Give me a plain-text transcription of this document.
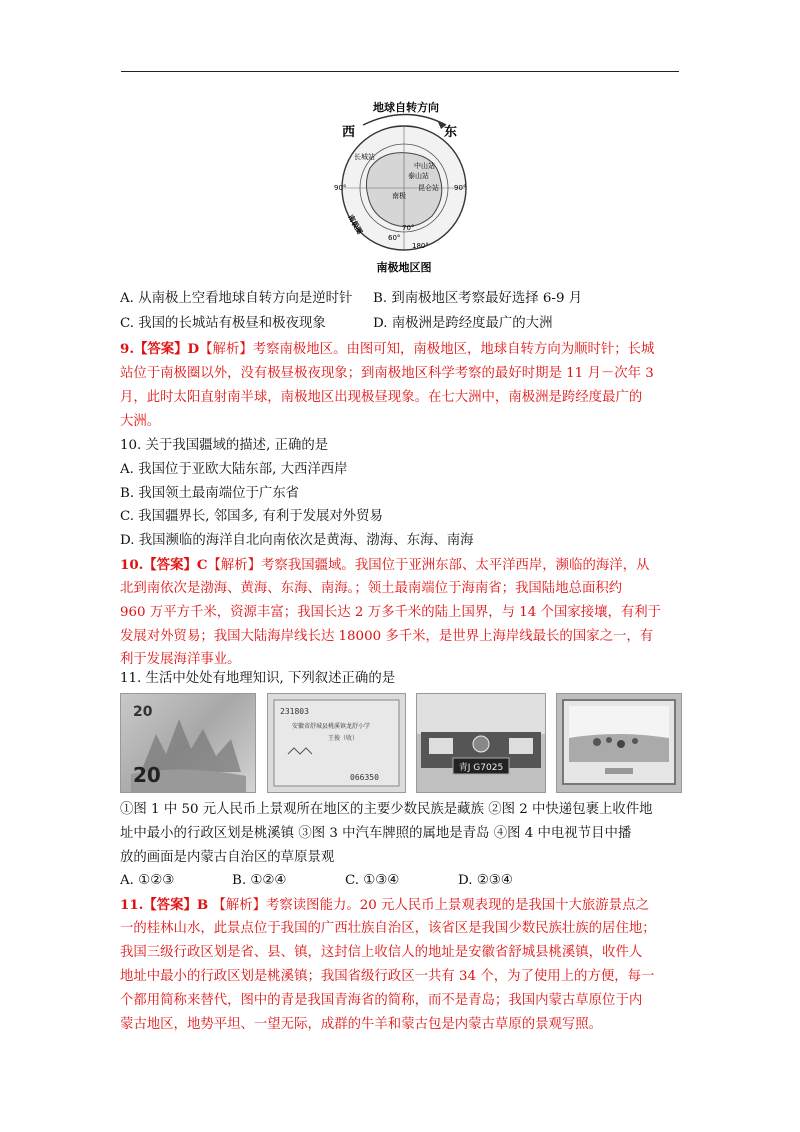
地球自转方向
西	东
长城站
中山站
泰山站
昆仑站
南极
90°	90°
70°
60°
180°
南极圈
南极地区图
A. 从南极上空看地球自转方向是逆时针 B. 到南极地区考察最好选择 6-9 月
C. 我国的长城站有极昼和极夜现象	D. 南极洲是跨经度最广的大洲
9.【答案】D【解析】考察南极地区。由图可知，南极地区，地球自转方向为顺时针；长城
站位于南极圈以外，没有极昼极夜现象；到南极地区科学考察的最好时期是 11 月－次年 3
月，此时太阳直射南半球，南极地区出现极昼现象。在七大洲中，南极洲是跨经度最广的
大洲。
10. 关于我国疆域的描述, 正确的是
A. 我国位于亚欧大陆东部, 大西洋西岸
B. 我国领土最南端位于广东省
C. 我国疆界长, 邻国多, 有利于发展对外贸易
D. 我国濒临的海洋自北向南依次是黄海、渤海、东海、南海
10.【答案】C【解析】考察我国疆域。我国位于亚洲东部、太平洋西岸，濒临的海洋，从
北到南依次是渤海、黄海、东海、南海。；领土最南端位于海南省；我国陆地总面积约
960 万平方千米，资源丰富；我国长达 2 万多千米的陆上国界，与 14 个国家接壤，有利于
发展对外贸易；我国大陆海岸线长达 18000 多千米，是世界上海岸线最长的国家之一，有
利于发展海洋事业。
11. 生活中处处有地理知识, 下列叙述正确的是
20
20
231803
安徽省舒城县桃溪镇龙舒小学
王俊（收）
066350
青J G7025
①图 1 中 50 元人民币上景观所在地区的主要少数民族是藏族 ②图 2 中快递包裹上收件地
址中最小的行政区划是桃溪镇 ③图 3 中汽车牌照的属地是青岛 ④图 4 中电视节目中播
放的画面是内蒙古自治区的草原景观
A. ①②③	B. ①②④	C. ①③④	D. ②③④
11.【答案】B 【解析】考察读图能力。20 元人民币上景观表现的是我国十大旅游景点之
一的桂林山水，此景点位于我国的广西壮族自治区，该省区是我国少数民族壮族的居住地；
我国三级行政区划是省、县、镇，这封信上收信人的地址是安徽省舒城县桃溪镇，收件人
地址中最小的行政区划是桃溪镇；我国省级行政区一共有 34 个，为了使用上的方便，每一
个都用简称来替代，图中的青是我国青海省的简称，而不是青岛；我国内蒙古草原位于内
蒙古地区，地势平坦、一望无际，成群的牛羊和蒙古包是内蒙古草原的景观写照。
